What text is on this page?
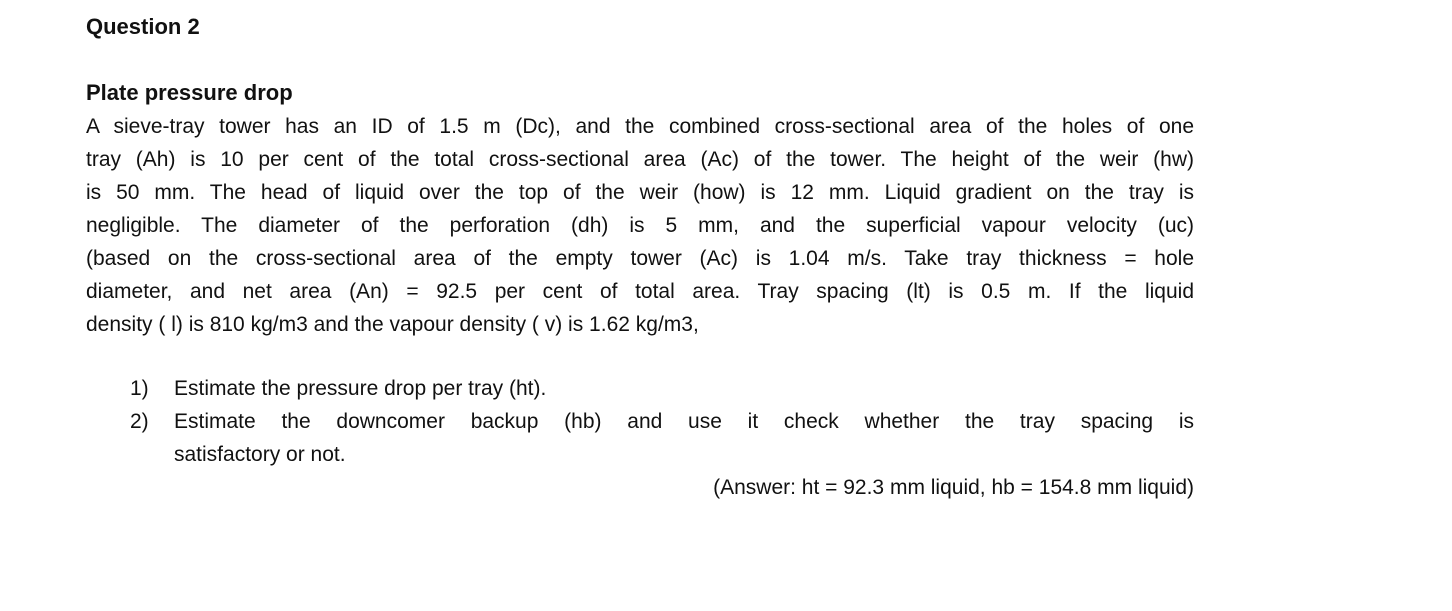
Question 2
Plate pressure drop
A sieve-tray tower has an ID of 1.5 m (Dc), and the combined cross-sectional area of the holes of one
tray (Ah) is 10 per cent of the total cross-sectional area (Ac) of the tower. The height of the weir (hw)
is 50 mm. The head of liquid over the top of the weir (how) is 12 mm. Liquid gradient on the tray is
negligible. The diameter of the perforation (dh) is 5 mm, and the superficial vapour velocity (uc)
(based on the cross-sectional area of the empty tower (Ac) is 1.04 m/s. Take tray thickness = hole
diameter, and net area (An) = 92.5 per cent of total area. Tray spacing (lt) is 0.5 m. If the liquid
density ( l) is 810 kg/m3 and the vapour density ( v) is 1.62 kg/m3,
1)	Estimate the pressure drop per tray (ht).
2)	Estimate the downcomer backup (hb) and use it check whether the tray spacing is
satisfactory or not.
(Answer: ht = 92.3 mm liquid, hb = 154.8 mm liquid)
